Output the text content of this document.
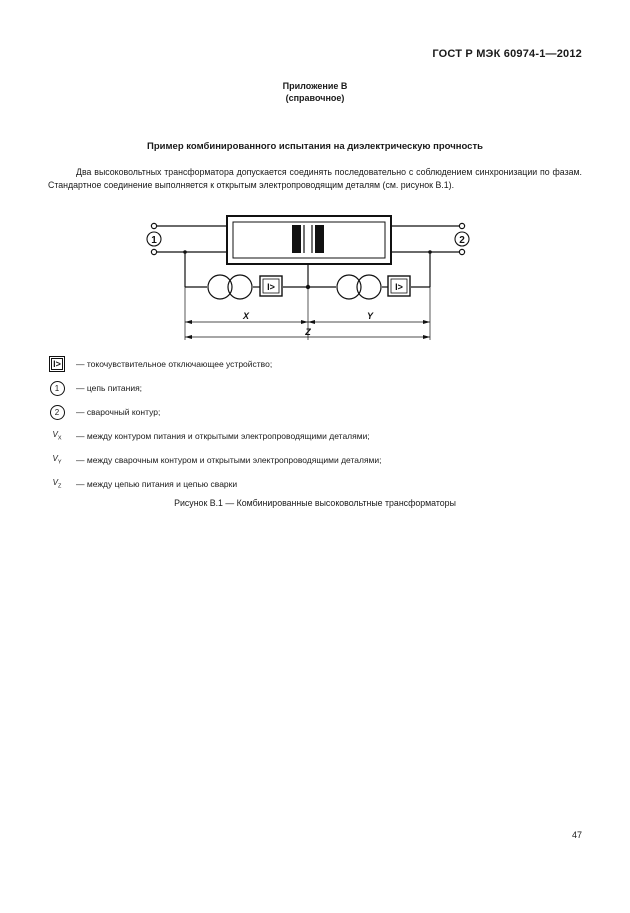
ГОСТ Р МЭК 60974-1—2012
Приложение В
(справочное)
Пример комбинированного испытания на диэлектрическую прочность
Два высоковольтных трансформатора допускается соединять последовательно с соблюдением синхронизации по фазам. Стандартное соединение выполняется к открытым электропроводящим деталям (см. рисунок В.1).
1	2
I>	I>
X	Y
Z
I> — токочувствительное отключающее устройство;
1	— цепь питания;
2	— сварочный контур;
$V_X$	— между контуром питания и открытыми электропроводящими деталями;
$V_Y$	— между сварочным контуром и открытыми электропроводящими деталями;
$V_Z$	— между цепью питания и цепью сварки
Рисунок В.1 — Комбинированные высоковольтные трансформаторы
47
